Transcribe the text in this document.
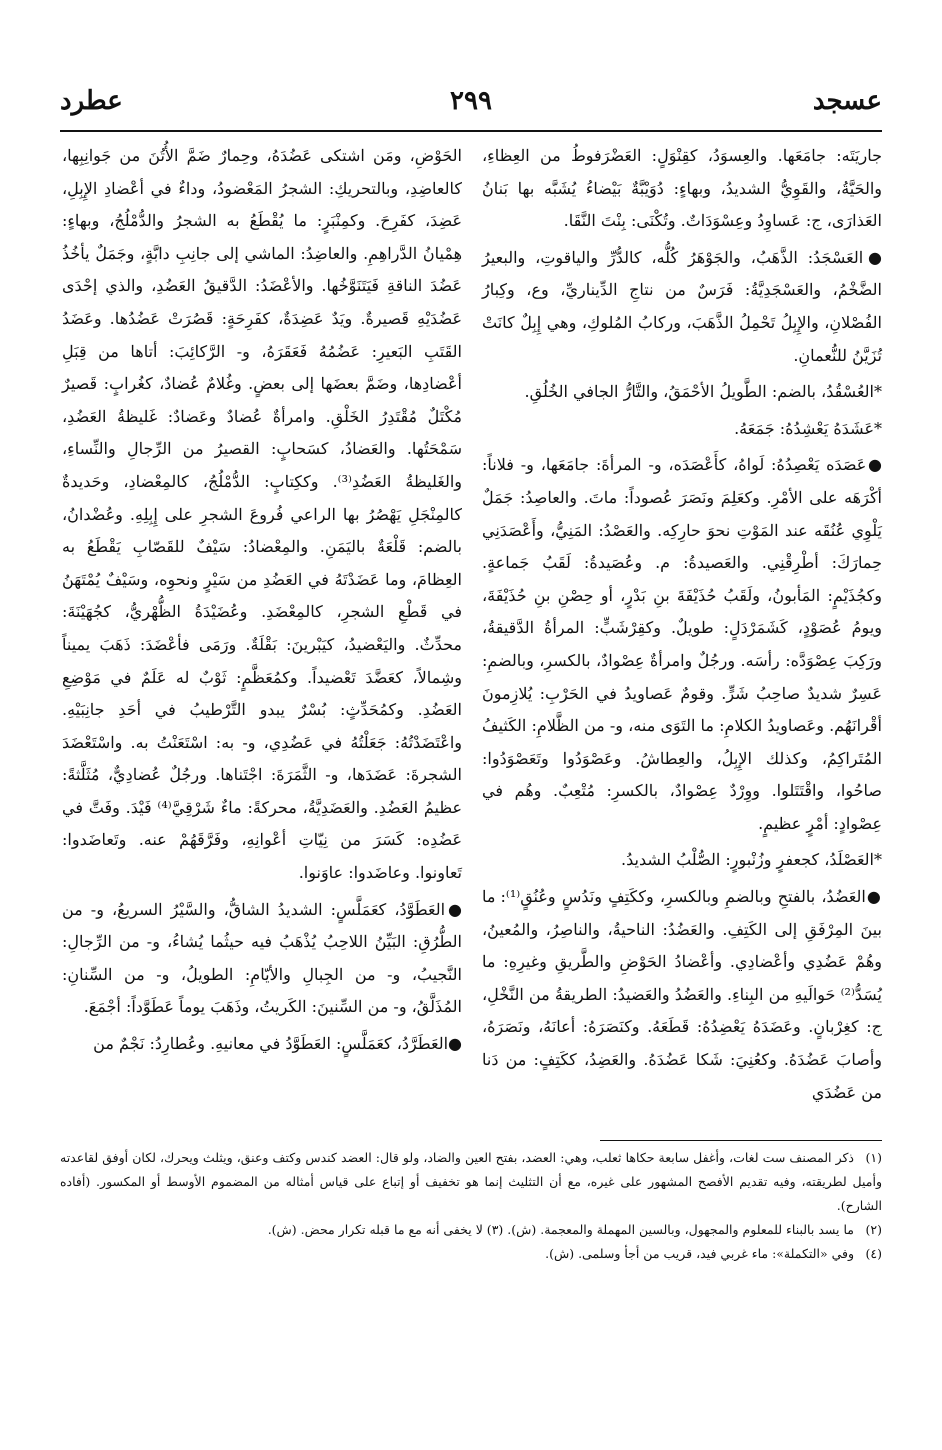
عسجد
٢٩٩
عطرد

جاريَتَه: جامَعَها. والعِسوَدُ، كقِنْوَلٍ: العَضْرَفوطُ من العِظاءِ، والحَيَّةُ، والقَوِيُّ الشديدُ، وبهاءٍ: دُوَيْبَّةٌ بَيْضاءُ يُشَبَّه بها بَنانُ العَذارَى، ج: عَساوِدُ وعِسْوَدَاتٌ. وتُكْنَى: بِنْتَ النَّقَا.

●العَسْجَدُ: الذَّهَبُ، والجَوْهَرُ كُلُّه، كالدُّرِّ والياقوتِ، والبعيرُ الضَّخْمُ، والعَسْجَدِيَّةُ: فَرَسٌ من نتاجِ الدِّيناريِّ، وع، وكِبارُ الفُصْلانِ، والإِبِلُ تَحْمِلُ الذَّهَبَ، وركابُ المُلوكِ، وهي إِبِلٌ كانَتْ تُزَيَّنُ للنُّعمانِ.

*العُسْقُدُ، بالضم: الطَّويلُ الأحْمَقُ، والتَّارُّ الجافي الخُلُقِ.

*عَشَدَهُ يَعْشِدُهُ: جَمَعَهُ.

●عَصَدَه يَعْصِدُهُ: لَواهُ، كأَعْصَدَه، و- المرأةَ: جامَعَها، و- فلاناً: أكْرَهَه على الأمْرِ. وكعَلِمَ ونَصَرَ عُصوداً: ماتَ. والعاصِدُ: جَمَلٌ يَلْوِي عُنُقَه عند المَوْتِ نحوَ حارِكِه. والعَصْدُ: المَنِيُّ، وأَعْصَدَنِي حِمارَكَ: أطْرِقْنِي. والعَصيدةُ: م. وعُصَيدةُ: لَقَبُ جَماعةٍ. وكجُذَيْمٍ: المَأبونُ، ولَقَبُ حُذَيْفَةَ بنِ بَدْرٍ، أو حِصْنِ بنِ حُذَيْفَةَ، ويومُ عُصَوْدٍ، كَشَمَرْدَلٍ: طويلٌ. وكقِرْشَبٍّ: المرأةُ الدَّقيقةُ، ورَكِبَ عِصْوَدَّه: رأسَه. ورجُلٌ وامرأةٌ عِصْوادٌ، بالكسرِ، وبالضمِ: عَسِرٌ شديدٌ صاحِبُ شَرٍّ. وقومٌ عَصاويدُ في الحَرْبِ: يُلازِمونَ أقْرانَهُم. وعَصاويدُ الكلامِ: ما التَوَى منه، و- من الظَّلامِ: الكَثيفُ المُتَراكِمُ، وكذلك الإِبِلُ، والعِطاشُ. وعَصْوَدُوا وتَعَصْوَدُوا: صاحُوا، واقْتَتَلوا. ووِرْدٌ عِصْوادٌ، بالكسرِ: مُتْعِبٌ. وهُم في عِصْوادٍ: أمْرٍ عظيمٍ.

*العَصْلَدُ، كجعفرٍ وزُنْبورٍ: الصُّلْبُ الشديدُ.

●العَضُدُ، بالفتحِ وبالضمِ وبالكسرِ، وككَتِفٍ ونَدُسٍ وعُنُقٍ⁽¹⁾: ما بينَ المِرْفَقِ إلى الكَتِفِ. والعَضُدُ: الناحيةُ، والناصِرُ، والمُعينُ، وهُمْ عَضُدِي وأعْضادِي. وأعْضادُ الحَوْضِ والطَّريقِ وغيرِهِ: ما يُسَدُّ⁽²⁾ حَوالَيهِ من البِناءِ. والعَضُدُ والعَضيدُ: الطريقةُ من النَّخْلِ، ج: كغِرْبانٍ. وعَضَدَهُ يَعْضِدُهُ: قَطَعَهُ. وكنَصَرَهُ: أعانَهُ، ونَصَرَهُ، وأصابَ عَضُدَهُ. وكعُنِيَ: شَكا عَضُدَهُ. والعَضِدُ، ككَتِفٍ: من دَنا من عَضُدَي

الحَوْضِ، ومَن اشتكى عَضُدَهُ، وحِمارٌ ضَمَّ الأُتُنَ من جَوانِبِها، كالعاضِدِ، وبالتحريكِ: الشجرُ المَعْضودُ، وداءٌ في أعْضادِ الإِبِلِ، عَضِدَ، كفَرِحَ. وكمِنْبَرٍ: ما يُقْطَعُ به الشجرُ والدُّمْلُجُ، وبهاءٍ: هِمْيانُ الدَّراهِمِ. والعاضِدُ: الماشي إلى جانِبِ دابَّةٍ، وجَمَلٌ يأخُذُ عَضُدَ الناقةِ فَيَتَنَوَّخُها. والأعْضَدُ: الدَّقيقُ العَضُدِ، والذي إحْدَى عَضُدَيْهِ قَصيرةٌ. ويَدٌ عَضِدَةٌ، كفَرِحَةٍ: قَصُرَتْ عَضُدُها. وعَضَدُ القَتَبِ البَعيرِ: عَضُمُهُ فَعَقَرَهُ، و- الرَّكائِبَ: أتاها من قِبَلِ أعْضادِها، وضَمَّ بعضَها إلى بعضٍ. وغُلامٌ عُضادٌ، كغُرابٍ: قَصيرٌ مُكْتَلٌ مُقْتَدِرُ الخَلْقِ. وامرأةٌ عُضادٌ وعَضادٌ: غَليظةُ العَضُدِ، سَمْحَتُها. والعَضادُ، كسَحابٍ: القصيرُ من الرِّجالِ والنِّساءِ، والغَليظةُ العَضُدِ⁽³⁾. وككِتابٍ: الدُّمْلُجُ، كالمِعْضادِ، وحَديدةٌ كالمِنْجَلِ يَهْصُرُ بها الراعي فُروعَ الشجرِ على إِبِلِهِ. وعُضْدانُ، بالضم: قَلْعَةٌ باليَمَنِ. والمِعْضادُ: سَيْفٌ للقَصّابِ يَقْطَعُ به العِظامَ، وما عَضَدْتَهُ في العَضُدِ من سَيْرٍ ونحوِه، وسَيْفٌ يُمْتَهَنُ في قَطْعِ الشجرِ، كالمِعْضَدِ. وعُضَيْدَةُ الظُّهْريُّ، كجُهَيْنَةَ: محدِّثٌ. واليَعْضيدُ، كيَبْرينَ: بَقْلَةٌ. ورَمَى فأعْضَدَ: ذَهَبَ يميناً وشِمالاً، كعَضَّدَ تَعْضيداً. وكمُعَظَّمٍ: ثَوْبٌ له عَلَمٌ في مَوْضِعِ العَضُدِ. وكمُحَدِّثٍ: بُسْرٌ يبدو التَّرْطيبُ في أحَدِ جانِبَيْهِ. واعْتَضَدْتُهُ: جَعَلْتُهُ في عَضُدِي، و- به: اسْتَعَنْتُ به. واسْتَعْضَدَ الشجرةَ: عَضَدَها، و- الثَّمَرَةَ: اجْتَناها. ورجُلٌ عُضادِيٌّ، مُثَلَّثةً: عظيمُ العَضُدِ. والعَضَدِيَّةُ، محركةً: ماءٌ شَرْقِيَّ⁽⁴⁾ فَيْدَ. وفَتَّ في عَضُدِه: كَسَرَ من نِيّاتِ أعْوانِهِ، وفَرَّقَهُمْ عنه. وتَعاضَدوا: تَعاونوا. وعاضَدوا: عاوَنوا.

●العَطَوَّدُ، كعَمَلَّسٍ: الشديدُ الشاقُّ، والسَّيْرُ السريعُ، و- من الطُّرُقِ: البَيِّنُ اللاحِبُ يُذْهَبُ فيه حيثُما يُشاءُ، و- من الرِّجالِ: النَّجيبُ، و- من الجِبالِ والأيّامِ: الطويلُ، و- من السِّنانِ: المُذَلَّقُ، و- من السِّنينَ: الكَريتُ، وذَهَبَ يوماً عَطَوَّداً: أجْمَعَ.

●العَطَرَّدُ، كعَمَلَّسٍ: العَطَوَّدُ في معانيهِ. وعُطارِدُ: نَجْمٌ من

(١)ذكر المصنف ست لغات، وأغفل سابعة حكاها ثعلب، وهي: العضد، بفتح العين والضاد، ولو قال: العضد كندس وكتف وعنق، ويثلث ويحرك، لكان أوفق لقاعدته وأميل لطريقته، وفيه تقديم الأفصح المشهور على غيره، مع أن التثليث إنما هو تخفيف أو إتباع على قياس أمثاله من المضموم الأوسط أو المكسور. (أفاده الشارح).

(٢)ما يسد بالبناء للمعلوم والمجهول، وبالسين المهملة والمعجمة. (ش). (٣) لا يخفى أنه مع ما قبله تكرار محض. (ش).

(٤)وفي «التكملة»: ماء غربي فيد، قريب من أجأ وسلمى. (ش).
